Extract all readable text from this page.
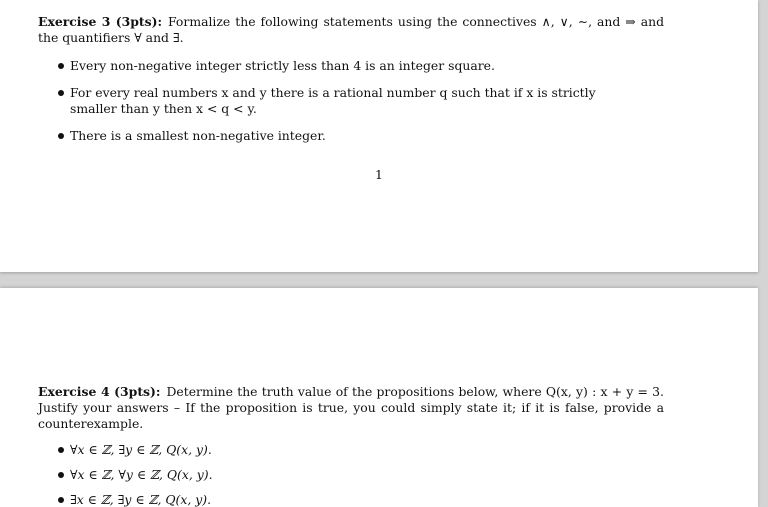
Exercise 3 (3pts): Formalize the following statements using the connectives ∧, ∨, ∼, and ⇒ and the quantifiers ∀ and ∃.

Every non-negative integer strictly less than 4 is an integer square.
For every real numbers x and y there is a rational number q such that if x is strictly smaller than y then x < q < y.
There is a smallest non-negative integer.
1

Exercise 4 (3pts): Determine the truth value of the propositions below, where Q(x, y) : x + y = 3. Justify your answers – If the proposition is true, you could simply state it; if it is false, provide a counterexample.

∀x ∈ ℤ, ∃y ∈ ℤ, Q(x, y).
∀x ∈ ℤ, ∀y ∈ ℤ, Q(x, y).
∃x ∈ ℤ, ∃y ∈ ℤ, Q(x, y).
